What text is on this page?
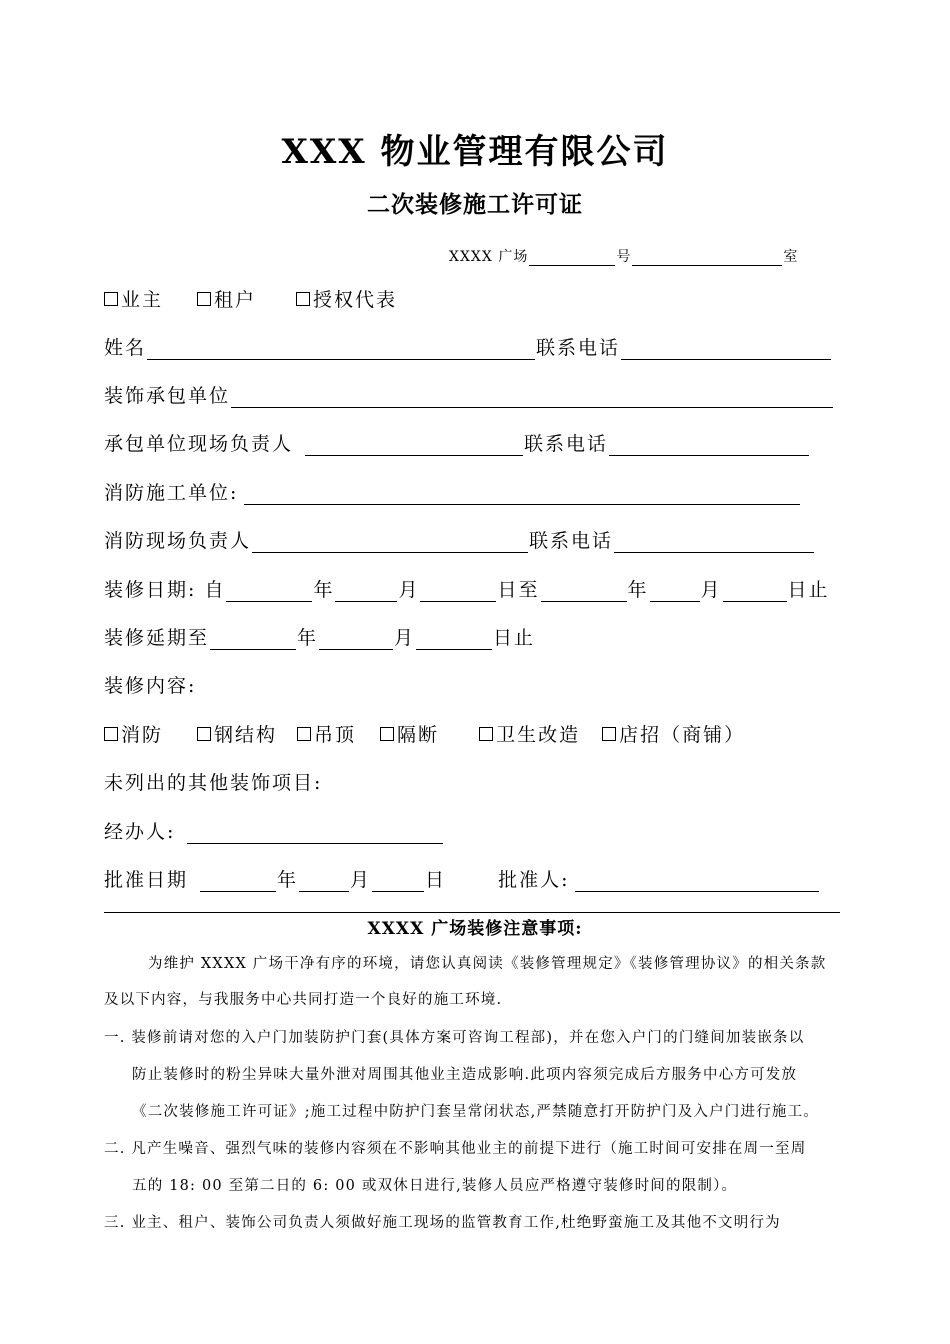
XXX 物业管理有限公司
二次装修施工许可证
XXXX 广场	号	室
业主	租户	授权代表
姓名	联系电话
装饰承包单位
承包单位现场负责人	联系电话
消防施工单位:
消防现场负责人	联系电话
装修日期: 自	年	月	日至	年	月	日止
装修延期至	年	月	日止
装修内容:
消防	钢结构 吊顶 隔断	卫生改造 店招（商铺）
未列出的其他装饰项目:
经办人:
批准日期	年	月	日	批准人:
XXXX 广场装修注意事项:
为维护 XXXX 广场干净有序的环境，请您认真阅读《装修管理规定》《装修管理协议》的相关条款
及以下内容，与我服务中心共同打造一个良好的施工环境.
一. 装修前请对您的入户门加装防护门套(具体方案可咨询工程部)，并在您入户门的门缝间加装嵌条以
防止装修时的粉尘异味大量外泄对周围其他业主造成影响.此项内容须完成后方服务中心方可发放
《二次装修施工许可证》;施工过程中防护门套呈常闭状态,严禁随意打开防护门及入户门进行施工。
二. 凡产生噪音、强烈气味的装修内容须在不影响其他业主的前提下进行（施工时间可安排在周一至周
五的 18: 00 至第二日的 6: 00 或双休日进行,装修人员应严格遵守装修时间的限制）。
三. 业主、租户、装饰公司负责人须做好施工现场的监管教育工作,杜绝野蛮施工及其他不文明行为
